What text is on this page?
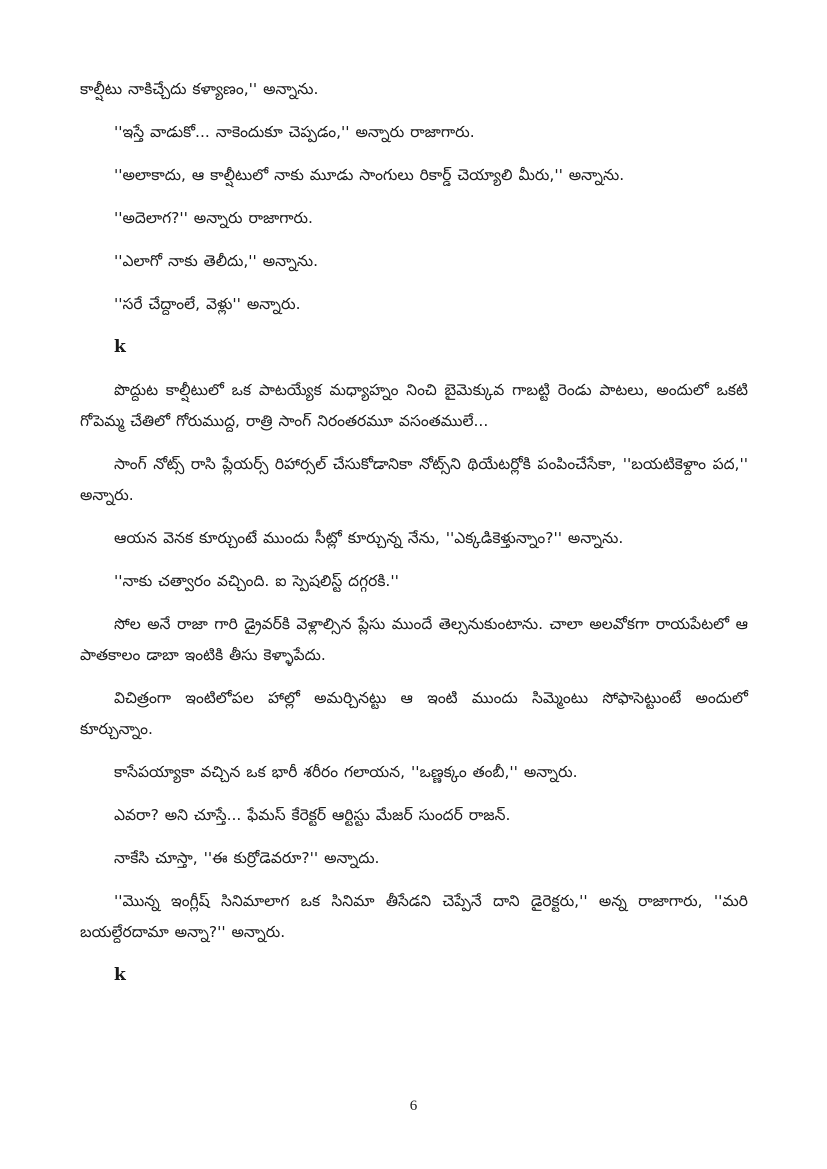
కాల్షీటు నాకిచ్చేదు కళ్యాణం,'' అన్నాను.

''ఇస్తే వాడుకో... నాకెందుకూ చెప్పడం,'' అన్నారు రాజాగారు.

''అలాకాదు, ఆ కాల్షీటులో నాకు మూడు సాంగులు రికార్డ్ చెయ్యాలి మీరు,'' అన్నాను.

''అదెలాగ?'' అన్నారు రాజాగారు.

''ఎలాగో నాకు తెలీదు,'' అన్నాను.

''సరే చేద్దాంలే, వెళ్లు'' అన్నారు.

k

పొద్దుట కాల్షీటులో ఒక పాటయ్యేక మధ్యాహ్నం నించి బైమెక్కువ గాబట్టి రెండు పాటలు, అందులో ఒకటి గోపెమ్మ చేతిలో గోరుముద్ద, రాత్రి సాంగ్ నిరంతరమూ వసంతములే...

సాంగ్ నోట్స్ రాసి ప్లేయర్స్ రిహార్సల్ చేసుకోడానికా నోట్స్‌ని థియేటర్లోకి పంపించేసేకా, ''బయటికెళ్దాం పద,'' అన్నారు.

ఆయన వెనక కూర్చుంటే ముందు సీట్లో కూర్చున్న నేను, ''ఎక్కడికెళ్తున్నాం?'' అన్నాను.

''నాకు చత్వారం వచ్చింది. ఐ స్పెషలిస్ట్ దగ్గరకి.''

సోల అనే రాజా గారి డ్రైవర్‌కి వెళ్లాల్సిన ప్లేసు ముందే తెల్సనుకుంటాను. చాలా అలవోకగా రాయపేటలో ఆ పాతకాలం డాబా ఇంటికి తీసు కెళ్ళాపేదు.

విచిత్రంగా ఇంటిలోపల హాల్లో అమర్చినట్టు ఆ ఇంటి ముందు సిమ్మెంటు సోఫాసెట్టుంటే అందులో కూర్చున్నాం.

కాసేపయ్యాకా వచ్చిన ఒక భారీ శరీరం గలాయన, ''ఒణ్ణక్కం తంబీ,'' అన్నారు.

ఎవరా? అని చూస్తే... ఫేమస్ కేరెక్టర్ ఆర్టిస్టు మేజర్ సుందర్ రాజన్.

నాకేసి చూస్తా, ''ఈ కుర్రోడెవరూ?'' అన్నాదు.

''మొన్న ఇంగ్లీష్ సినిమాలాగ ఒక సినిమా తీసేడని చెప్పేనే దాని డైరెక్టరు,'' అన్న రాజాగారు, ''మరి బయల్దేరదామా అన్నా?'' అన్నారు.

k

6
